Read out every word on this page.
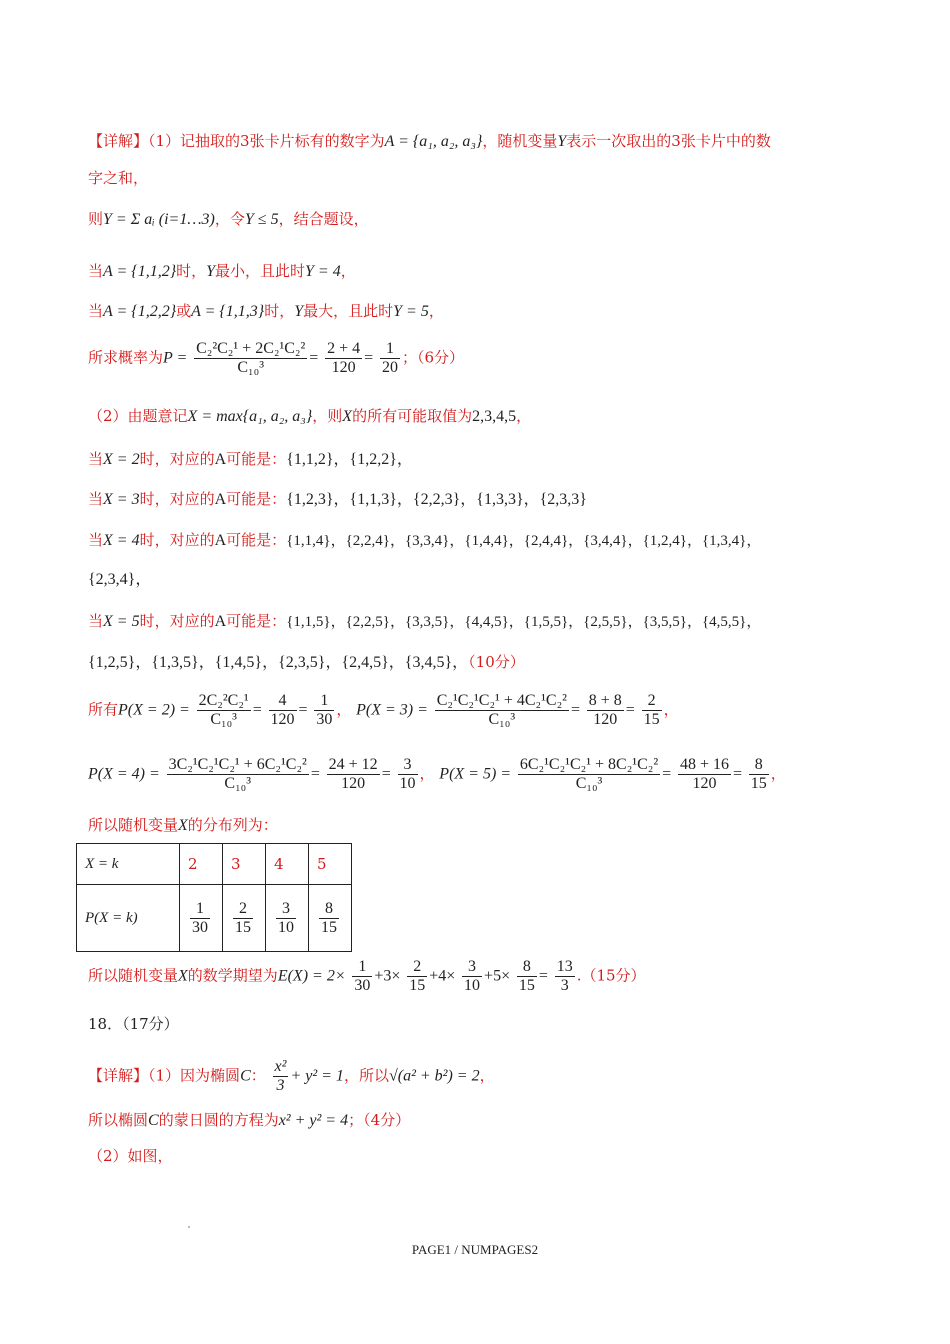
【详解】（1）记抽取的3张卡片标有的数字为A = {a₁, a₂, a₃}，随机变量Y表示一次取出的3张卡片中的数
字之和，
则Y = Σ aᵢ (i=1…3)，令Y ≤ 5，结合题设，
当A = {1,1,2}时，Y最小，且此时Y = 4，
当A = {1,2,2}或A = {1,1,3}时，Y最大，且此时Y = 5，
所求概率为$P = \frac{\text{C₂²C₂¹ + 2C₂¹C₂²}}{\text{C₁₀³}} = \frac{2 + 4}{120} = \frac{1}{20}$ ；（6分）
（2）由题意记X = max{a₁, a₂, a₃}，则X的所有可能取值为2,3,4,5，
当X = 2时，对应的A可能是：{1,1,2}，{1,2,2}，
当X = 3时，对应的A可能是：{1,2,3}，{1,1,3}，{2,2,3}，{1,3,3}，{2,3,3}
当X = 4时，对应的A可能是：{1,1,4}，{2,2,4}，{3,3,4}，{1,4,4}，{2,4,4}，{3,4,4}，{1,2,4}，{1,3,4}，
{2,3,4}，
当X = 5时，对应的A可能是：{1,1,5}，{2,2,5}，{3,3,5}，{4,4,5}，{1,5,5}，{2,5,5}，{3,5,5}，{4,5,5}，
{1,2,5}，{1,3,5}，{1,4,5}，{2,3,5}，{2,4,5}，{3,4,5}，（10分）
所有$P(X = 2) = \frac{\text{2C₂²C₂¹}}{\text{C₁₀³}} = \frac{4}{120} = \frac{1}{30}$ ， $P(X = 3) = \frac{\text{C₂¹C₂¹C₂¹ + 4C₂¹C₂²}}{\text{C₁₀³}} = \frac{8 + 8}{120} = \frac{2}{15}$ ，
$P(X = 4) = \frac{\text{3C₂¹C₂¹C₂¹ + 6C₂¹C₂²}}{\text{C₁₀³}} = \frac{24 + 12}{120} = \frac{3}{10}$ ， $P(X = 5) = \frac{\text{6C₂¹C₂¹C₂¹ + 8C₂¹C₂²}}{\text{C₁₀³}} = \frac{48 + 16}{120} = \frac{8}{15}$ ，
所以随机变量X的分布列为：
X = k	2	3	4	5
P(X = k)	$\frac{1}{30}$	$\frac{2}{15}$	$\frac{3}{10}$	$\frac{8}{15}$
所以随机变量X的数学期望为$E(X) = 2\times \frac{1}{30} +3\times \frac{2}{15} +4\times \frac{3}{10} +5\times \frac{8}{15} = \frac{13}{3} .(15$分）
18．（17分）
【详解】（1）因为椭圆C： $\frac{\text{x²}}{3} + y^2 = 1$，所以√(a² + b²) = 2，
所以椭圆C的蒙日圆的方程为x² + y² = 4；（4分）
（2）如图，
PAGE1 / NUMPAGES2
